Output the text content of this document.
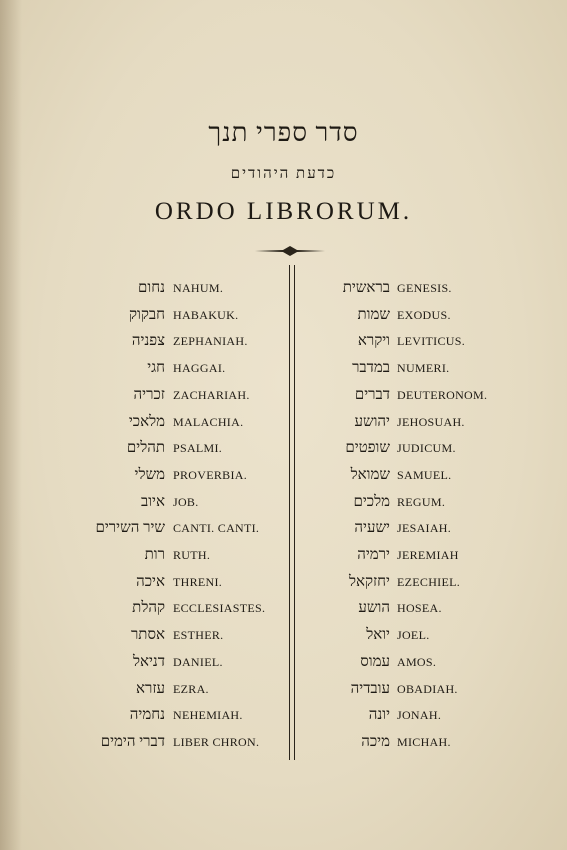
סדר ספרי תנך
כדעת היהודים
ORDO LIBRORUM.
נחום NAHUM.
חבקוק HABAKUK.
צפניה ZEPHANIAH.
חגי HAGGAI.
זכריה ZACHARIAH.
מלאכי MALACHIA.
תהלים PSALMI.
משלי PROVERBIA.
איוב JOB.
שיר השירים CANTI. CANTI.
רות RUTH.
איכה THRENI.
קהלת ECCLESIASTES.
אסתר ESTHER.
דניאל DANIEL.
עזרא EZRA.
נחמיה NEHEMIAH.
דברי הימים LIBER CHRON.
בראשית GENESIS.
שמות EXODUS.
ויקרא LEVITICUS.
במדבר NUMERI.
דברים DEUTERONOM.
יהושע JEHOSUAH.
שופטים JUDICUM.
שמואל SAMUEL.
מלכים REGUM.
ישעיה JESAIAH.
ירמיה JEREMIAH
יחזקאל EZECHIEL.
הושע HOSEA.
יואל JOEL.
עמוס AMOS.
עובדיה OBADIAH.
יונה JONAH.
מיכה MICHAH.
